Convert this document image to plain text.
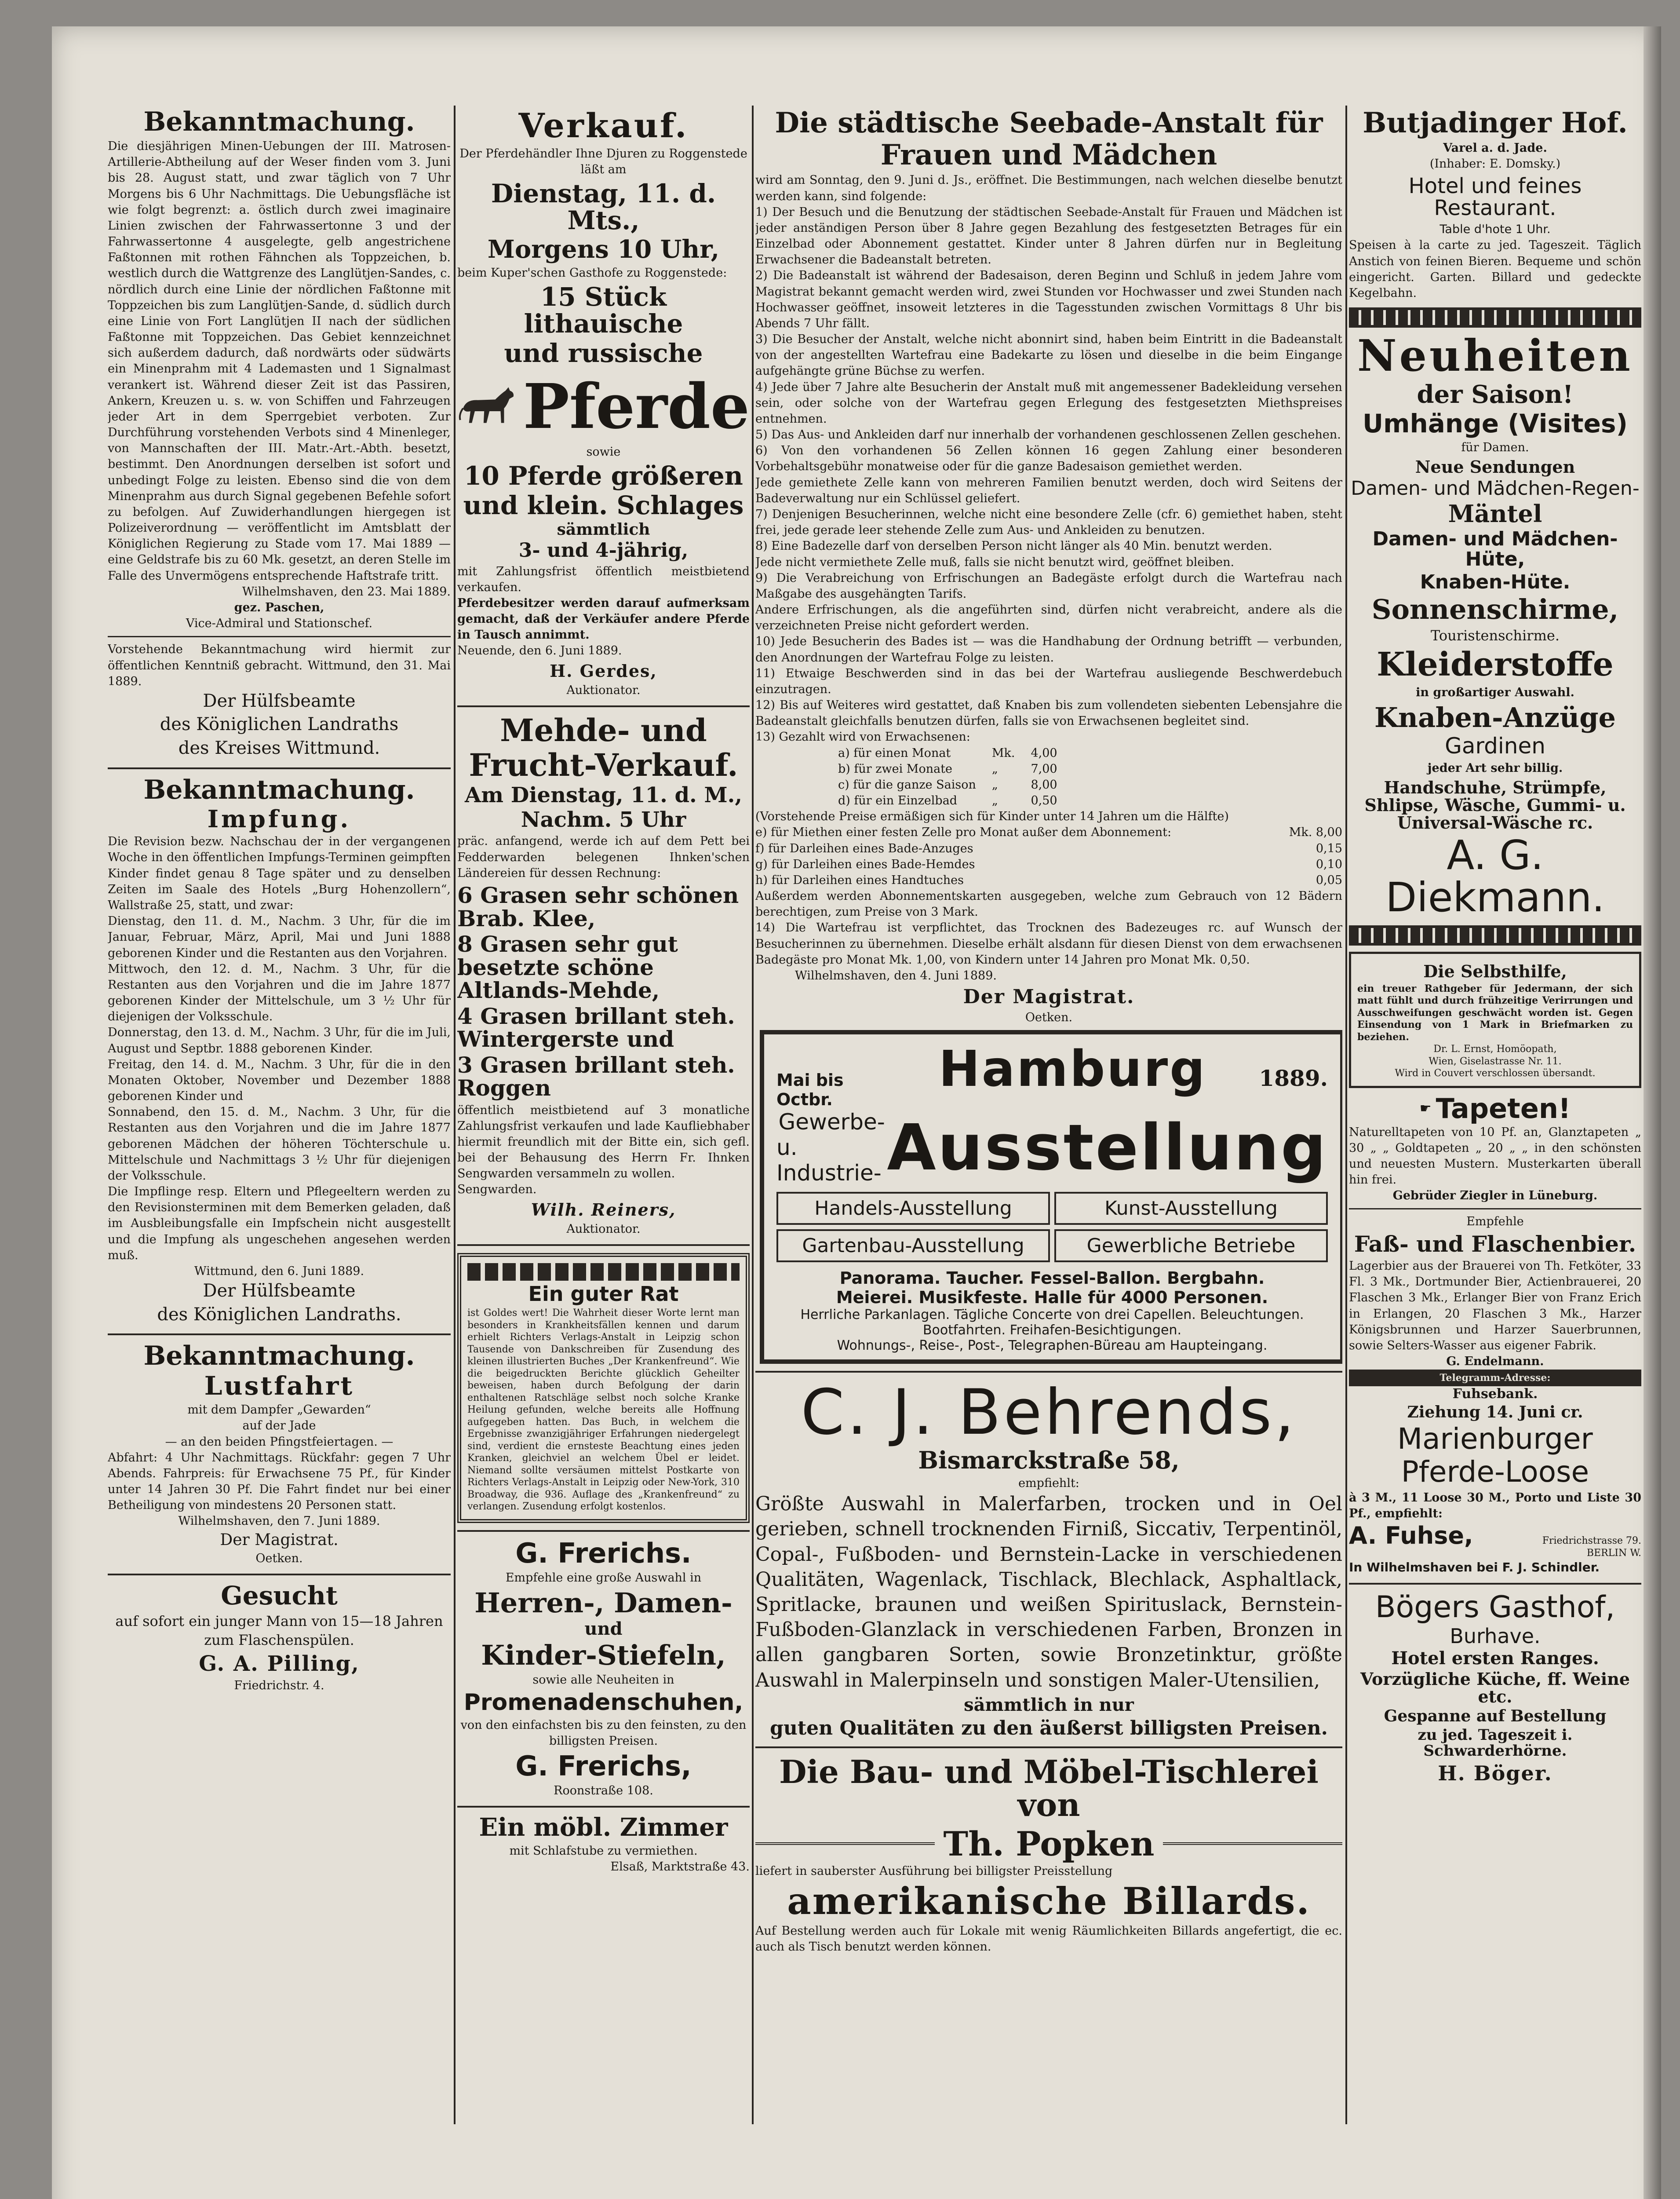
Bekanntmachung.

Die diesjährigen Minen-Uebungen der III. Matrosen-Artillerie-Abtheilung auf der Weser finden vom 3. Juni bis 28. August statt, und zwar täglich von 7 Uhr Morgens bis 6 Uhr Nachmittags. Die Uebungsfläche ist wie folgt begrenzt: a. östlich durch zwei imaginaire Linien zwischen der Fahrwassertonne 3 und der Fahrwassertonne 4 ausgelegte, gelb angestrichene Faßtonnen mit rothen Fähnchen als Toppzeichen, b. westlich durch die Wattgrenze des Langlütjen-Sandes, c. nördlich durch eine Linie der nördlichen Faßtonne mit Toppzeichen bis zum Langlütjen-Sande, d. südlich durch eine Linie von Fort Langlütjen II nach der südlichen Faßtonne mit Toppzeichen. Das Gebiet kennzeichnet sich außerdem dadurch, daß nordwärts oder südwärts ein Minenprahm mit 4 Lademasten und 1 Signalmast verankert ist. Während dieser Zeit ist das Passiren, Ankern, Kreuzen u. s. w. von Schiffen und Fahrzeugen jeder Art in dem Sperrgebiet verboten. Zur Durchführung vorstehenden Verbots sind 4 Minenleger, von Mannschaften der III. Matr.-Art.-Abth. besetzt, bestimmt. Den Anordnungen derselben ist sofort und unbedingt Folge zu leisten. Ebenso sind die von dem Minenprahm aus durch Signal gegebenen Befehle sofort zu befolgen. Auf Zuwiderhandlungen hiergegen ist Polizeiverordnung — veröffentlicht im Amtsblatt der Königlichen Regierung zu Stade vom 17. Mai 1889 — eine Geldstrafe bis zu 60 Mk. gesetzt, an deren Stelle im Falle des Unvermögens entsprechende Haftstrafe tritt.

Wilhelmshaven, den 23. Mai 1889.

gez. Paschen,

Vice-Admiral und Stationschef.

Vorstehende Bekanntmachung wird hiermit zur öffentlichen Kenntniß gebracht. Wittmund, den 31. Mai 1889.

Der Hülfsbeamte

des Königlichen Landraths

des Kreises Wittmund.

Bekanntmachung.
Impfung.

Die Revision bezw. Nachschau der in der vergangenen Woche in den öffentlichen Impfungs-Terminen geimpften Kinder findet genau 8 Tage später und zu denselben Zeiten im Saale des Hotels „Burg Hohenzollern“, Wallstraße 25, statt, und zwar:

Dienstag, den 11. d. M., Nachm. 3 Uhr, für die im Januar, Februar, März, April, Mai und Juni 1888 geborenen Kinder und die Restanten aus den Vorjahren.

Mittwoch, den 12. d. M., Nachm. 3 Uhr, für die Restanten aus den Vorjahren und die im Jahre 1877 geborenen Kinder der Mittelschule, um 3 ½ Uhr für diejenigen der Volksschule.

Donnerstag, den 13. d. M., Nachm. 3 Uhr, für die im Juli, August und Septbr. 1888 geborenen Kinder.

Freitag, den 14. d. M., Nachm. 3 Uhr, für die in den Monaten Oktober, November und Dezember 1888 geborenen Kinder und

Sonnabend, den 15. d. M., Nachm. 3 Uhr, für die Restanten aus den Vorjahren und die im Jahre 1877 geborenen Mädchen der höheren Töchterschule u. Mittelschule und Nachmittags 3 ½ Uhr für diejenigen der Volksschule.

Die Impflinge resp. Eltern und Pflegeeltern werden zu den Revisionsterminen mit dem Bemerken geladen, daß im Ausbleibungsfalle ein Impfschein nicht ausgestellt und die Impfung als ungeschehen angesehen werden muß.

Wittmund, den 6. Juni 1889.

Der Hülfsbeamte

des Königlichen Landraths.

Bekanntmachung.
Lustfahrt

mit dem Dampfer „Gewarden“

auf der Jade

— an den beiden Pfingstfeiertagen. —

Abfahrt: 4 Uhr Nachmittags. Rückfahr: gegen 7 Uhr Abends. Fahrpreis: für Erwachsene 75 Pf., für Kinder unter 14 Jahren 30 Pf. Die Fahrt findet nur bei einer Betheiligung von mindestens 20 Personen statt.

Wilhelmshaven, den 7. Juni 1889.

Der Magistrat.

Oetken.

Gesucht

auf sofort ein junger Mann von 15—18 Jahren zum Flaschenspülen.

G. A. Pilling,

Friedrichstr. 4.

Verkauf.

Der Pferdehändler Ihne Djuren zu Roggenstede läßt am

Dienstag, 11. d. Mts.,
Morgens 10 Uhr,

beim Kuper'schen Gasthofe zu Roggenstede:

15 Stück lithauische
und russische
Pferde

sowie

10 Pferde größeren
und klein. Schlages
sämmtlich
3- und 4-jährig,

mit Zahlungsfrist öffentlich meistbietend verkaufen.

Pferdebesitzer werden darauf aufmerksam gemacht, daß der Verkäufer andere Pferde in Tausch annimmt.

Neuende, den 6. Juni 1889.

H. Gerdes,

Auktionator.

Mehde- und
Frucht-Verkauf.
Am Dienstag, 11. d. M.,
Nachm. 5 Uhr

präc. anfangend, werde ich auf dem Pett bei Fedderwarden belegenen Ihnken'schen Ländereien für dessen Rechnung:

6 Grasen sehr schönen Brab. Klee,
8 Grasen sehr gut besetzte schöne Altlands-Mehde,
4 Grasen brillant steh. Wintergerste und
3 Grasen brillant steh. Roggen

öffentlich meistbietend auf 3 monatliche Zahlungsfrist verkaufen und lade Kaufliebhaber hiermit freundlich mit der Bitte ein, sich gefl. bei der Behausung des Herrn Fr. Ihnken Sengwarden versammeln zu wollen.

Sengwarden.

Wilh. Reiners,

Auktionator.

Ein guter Rat

ist Goldes wert! Die Wahrheit dieser Worte lernt man besonders in Krankheitsfällen kennen und darum erhielt Richters Verlags-Anstalt in Leipzig schon Tausende von Dankschreiben für Zusendung des kleinen illustrierten Buches „Der Krankenfreund“. Wie die beigedruckten Berichte glücklich Geheilter beweisen, haben durch Befolgung der darin enthaltenen Ratschläge selbst noch solche Kranke Heilung gefunden, welche bereits alle Hoffnung aufgegeben hatten. Das Buch, in welchem die Ergebnisse zwanzigjähriger Erfahrungen niedergelegt sind, verdient die ernsteste Beachtung eines jeden Kranken, gleichviel an welchem Übel er leidet. Niemand sollte versäumen mittelst Postkarte von Richters Verlags-Anstalt in Leipzig oder New-York, 310 Broadway, die 936. Auflage des „Krankenfreund“ zu verlangen. Zusendung erfolgt kostenlos.

G. Frerichs.

Empfehle eine große Auswahl in

Herren-, Damen-
und
Kinder-Stiefeln,

sowie alle Neuheiten in

Promenadenschuhen,

von den einfachsten bis zu den feinsten, zu den billigsten Preisen.

G. Frerichs,

Roonstraße 108.

Ein möbl. Zimmer

mit Schlafstube zu vermiethen.

Elsaß, Marktstraße 43.

Die städtische Seebade-Anstalt für
Frauen und Mädchen

wird am Sonntag, den 9. Juni d. Js., eröffnet. Die Bestimmungen, nach welchen dieselbe benutzt werden kann, sind folgende:

1) Der Besuch und die Benutzung der städtischen Seebade-Anstalt für Frauen und Mädchen ist jeder anständigen Person über 8 Jahre gegen Bezahlung des festgesetzten Betrages für ein Einzelbad oder Abonnement gestattet. Kinder unter 8 Jahren dürfen nur in Begleitung Erwachsener die Badeanstalt betreten.

2) Die Badeanstalt ist während der Badesaison, deren Beginn und Schluß in jedem Jahre vom Magistrat bekannt gemacht werden wird, zwei Stunden vor Hochwasser und zwei Stunden nach Hochwasser geöffnet, insoweit letzteres in die Tagesstunden zwischen Vormittags 8 Uhr bis Abends 7 Uhr fällt.

3) Die Besucher der Anstalt, welche nicht abonnirt sind, haben beim Eintritt in die Badeanstalt von der angestellten Wartefrau eine Badekarte zu lösen und dieselbe in die beim Eingange aufgehängte grüne Büchse zu werfen.

4) Jede über 7 Jahre alte Besucherin der Anstalt muß mit angemessener Badekleidung versehen sein, oder solche von der Wartefrau gegen Erlegung des festgesetzten Miethspreises entnehmen.

5) Das Aus- und Ankleiden darf nur innerhalb der vorhandenen geschlossenen Zellen geschehen.

6) Von den vorhandenen 56 Zellen können 16 gegen Zahlung einer besonderen Vorbehaltsgebühr monatweise oder für die ganze Badesaison gemiethet werden.

Jede gemiethete Zelle kann von mehreren Familien benutzt werden, doch wird Seitens der Badeverwaltung nur ein Schlüssel geliefert.

7) Denjenigen Besucherinnen, welche nicht eine besondere Zelle (cfr. 6) gemiethet haben, steht frei, jede gerade leer stehende Zelle zum Aus- und Ankleiden zu benutzen.

8) Eine Badezelle darf von derselben Person nicht länger als 40 Min. benutzt werden.

Jede nicht vermiethete Zelle muß, falls sie nicht benutzt wird, geöffnet bleiben.

9) Die Verabreichung von Erfrischungen an Badegäste erfolgt durch die Wartefrau nach Maßgabe des ausgehängten Tarifs.

Andere Erfrischungen, als die angeführten sind, dürfen nicht verabreicht, andere als die verzeichneten Preise nicht gefordert werden.

10) Jede Besucherin des Bades ist — was die Handhabung der Ordnung betrifft — verbunden, den Anordnungen der Wartefrau Folge zu leisten.

11) Etwaige Beschwerden sind in das bei der Wartefrau ausliegende Beschwerdebuch einzutragen.

12) Bis auf Weiteres wird gestattet, daß Knaben bis zum vollendeten siebenten Lebensjahre die Badeanstalt gleichfalls benutzen dürfen, falls sie von Erwachsenen begleitet sind.

13) Gezahlt wird von Erwachsenen:

a) für einen Monat	Mk.	4,00
b) für zwei Monate	„	7,00
c) für die ganze Saison	„	8,00
d) für ein Einzelbad	„	0,50

(Vorstehende Preise ermäßigen sich für Kinder unter 14 Jahren um die Hälfte)

e) für Miethen einer festen Zelle pro Monat außer dem Abonnement:	Mk. 8,00
f) für Darleihen eines Bade-Anzuges	0,15
g) für Darleihen eines Bade-Hemdes	0,10
h) für Darleihen eines Handtuches	0,05

Außerdem werden Abonnementskarten ausgegeben, welche zum Gebrauch von 12 Bädern berechtigen, zum Preise von 3 Mark.

14) Die Wartefrau ist verpflichtet, das Trocknen des Badezeuges rc. auf Wunsch der Besucherinnen zu übernehmen. Dieselbe erhält alsdann für diesen Dienst von dem erwachsenen Badegäste pro Monat Mk. 1,00, von Kindern unter 14 Jahren pro Monat Mk. 0,50.

Wilhelmshaven, den 4. Juni 1889.

Der Magistrat.

Oetken.

Mai bis Octbr.
Hamburg	1889.
Gewerbe-
u. Industrie- Ausstellung
Handels-Ausstellung	Kunst-Ausstellung
Gartenbau-Ausstellung	Gewerbliche Betriebe
Panorama. Taucher. Fessel-Ballon. Bergbahn.
Meierei. Musikfeste. Halle für 4000 Personen.
Herrliche Parkanlagen. Tägliche Concerte von drei Capellen. Beleuchtungen.
Bootfahrten. Freihafen-Besichtigungen.
Wohnungs-, Reise-, Post-, Telegraphen-Büreau am Haupteingang.
C. J. Behrends,
Bismarckstraße 58,

empfiehlt:

Größte Auswahl in Malerfarben, trocken und in Oel gerieben, schnell trocknenden Firniß, Siccativ, Terpentinöl, Copal-, Fußboden- und Bernstein-Lacke in verschiedenen Qualitäten, Wagenlack, Tischlack, Blechlack, Asphaltlack, Spritlacke, braunen und weißen Spirituslack, Bernstein-Fußboden-Glanzlack in verschiedenen Farben, Bronzen in allen gangbaren Sorten, sowie Bronzetinktur, größte Auswahl in Malerpinseln und sonstigen Maler-Utensilien,

sämmtlich in nur

guten Qualitäten zu den äußerst billigsten Preisen.

Die Bau- und Möbel-Tischlerei von
Th. Popken

liefert in sauberster Ausführung bei billigster Preisstellung

amerikanische Billards.

Auf Bestellung werden auch für Lokale mit wenig Räumlichkeiten Billards angefertigt, die ec. auch als Tisch benutzt werden können.

Butjadinger Hof.

Varel a. d. Jade.

(Inhaber: E. Domsky.)

Hotel und feines Restaurant.

Table d'hote 1 Uhr.

Speisen à la carte zu jed. Tageszeit. Täglich Anstich von feinen Bieren. Bequeme und schön eingericht. Garten. Billard und gedeckte Kegelbahn.

Neuheiten
der Saison!
Umhänge (Visites)

für Damen.

Neue Sendungen
Damen- und Mädchen-Regen-
Mäntel
Damen- und Mädchen-Hüte,
Knaben-Hüte.
Sonnenschirme,

Touristenschirme.

Kleiderstoffe

in großartiger Auswahl.

Knaben-Anzüge
Gardinen

jeder Art sehr billig.

Handschuhe, Strümpfe, Shlipse, Wäsche, Gummi- u. Universal-Wäsche rc.
A. G. Diekmann.
Die Selbsthilfe,

ein treuer Rathgeber für Jedermann, der sich matt fühlt und durch frühzeitige Verirrungen und Ausschweifungen geschwächt worden ist. Gegen Einsendung von 1 Mark in Briefmarken zu beziehen.

Dr. L. Ernst, Homöopath,

Wien, Giselastrasse Nr. 11.

Wird in Couvert verschlossen übersandt.

☛ Tapeten!

Naturelltapeten von 10 Pf. an, Glanztapeten „ 30 „ „ Goldtapeten „ 20 „ „ in den schönsten und neuesten Mustern. Musterkarten überall hin frei.

Gebrüder Ziegler in Lüneburg.

Empfehle

Faß- und Flaschenbier.

Lagerbier aus der Brauerei von Th. Fetköter, 33 Fl. 3 Mk., Dortmunder Bier, Actienbrauerei, 20 Flaschen 3 Mk., Erlanger Bier von Franz Erich in Erlangen, 20 Flaschen 3 Mk., Harzer Königsbrunnen und Harzer Sauerbrunnen, sowie Selters-Wasser aus eigener Fabrik.

G. Endelmann.

Telegramm-Adresse:
Fuhsebank.
Ziehung 14. Juni cr.
Marienburger
Pferde-Loose

à 3 M., 11 Loose 30 M., Porto und Liste 30 Pf., empfiehlt:

A. Fuhse,	Friedrichstrasse 79. BERLIN W.

In Wilhelmshaven bei F. J. Schindler.

Bögers Gasthof,
Burhave.
Hotel ersten Ranges.
Vorzügliche Küche, ff. Weine etc.
Gespanne auf Bestellung
zu jed. Tageszeit i. Schwarderhörne.

H. Böger.
